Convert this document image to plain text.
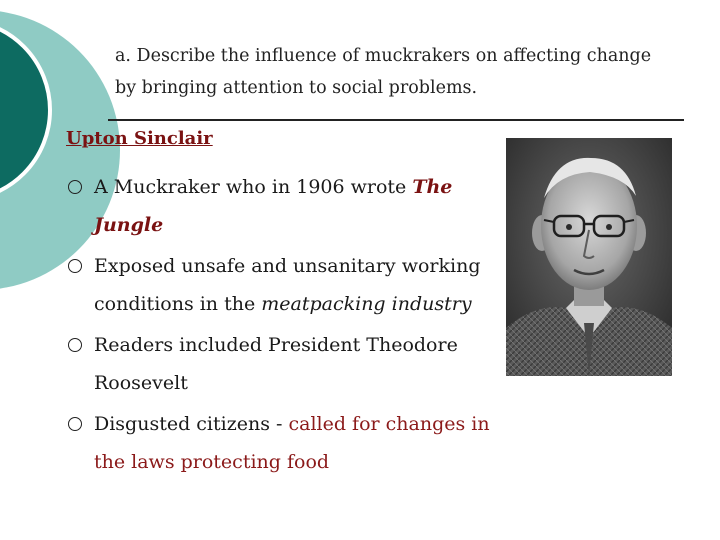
a. Describe the influence of muckrakers on affecting change by bringing attention to social problems.
Upton Sinclair
A Muckraker who in 1906 wrote The Jungle
Exposed unsafe and unsanitary working conditions in the meatpacking industry
Readers included President Theodore Roosevelt
Disgusted citizens - called for changes in the laws protecting food
